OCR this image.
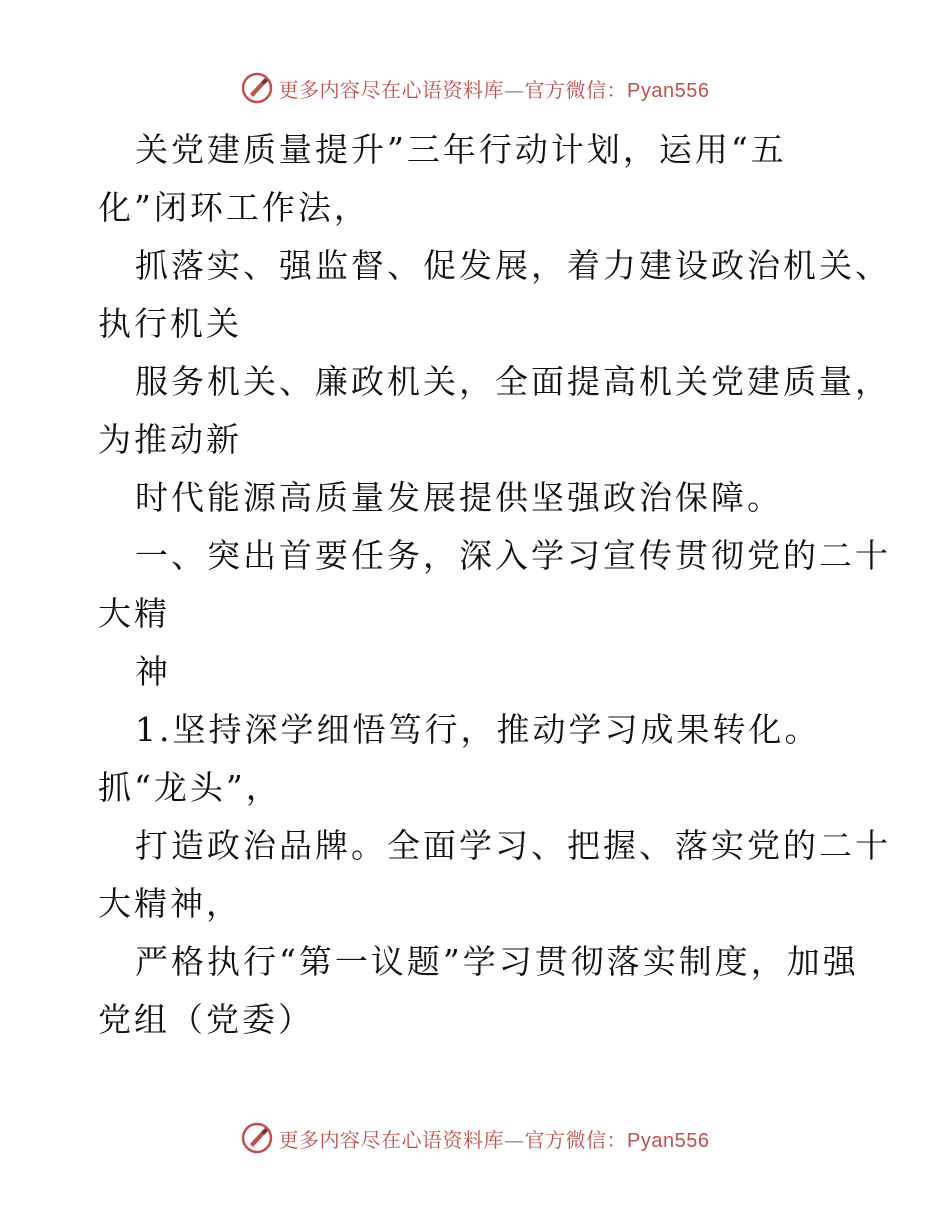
更多内容尽在心语资料库—官方微信：Pyan556
关党建质量提升”三年行动计划，运用“五
化”闭环工作法，
抓落实、强监督、促发展，着力建设政治机关、
执行机关
服务机关、廉政机关，全面提高机关党建质量，
为推动新
时代能源高质量发展提供坚强政治保障。
一、突出首要任务，深入学习宣传贯彻党的二十
大精
神
1.坚持深学细悟笃行，推动学习成果转化。
抓“龙头”，
打造政治品牌。全面学习、把握、落实党的二十
大精神，
严格执行“第一议题”学习贯彻落实制度，加强
党组（党委）
更多内容尽在心语资料库—官方微信：Pyan556
